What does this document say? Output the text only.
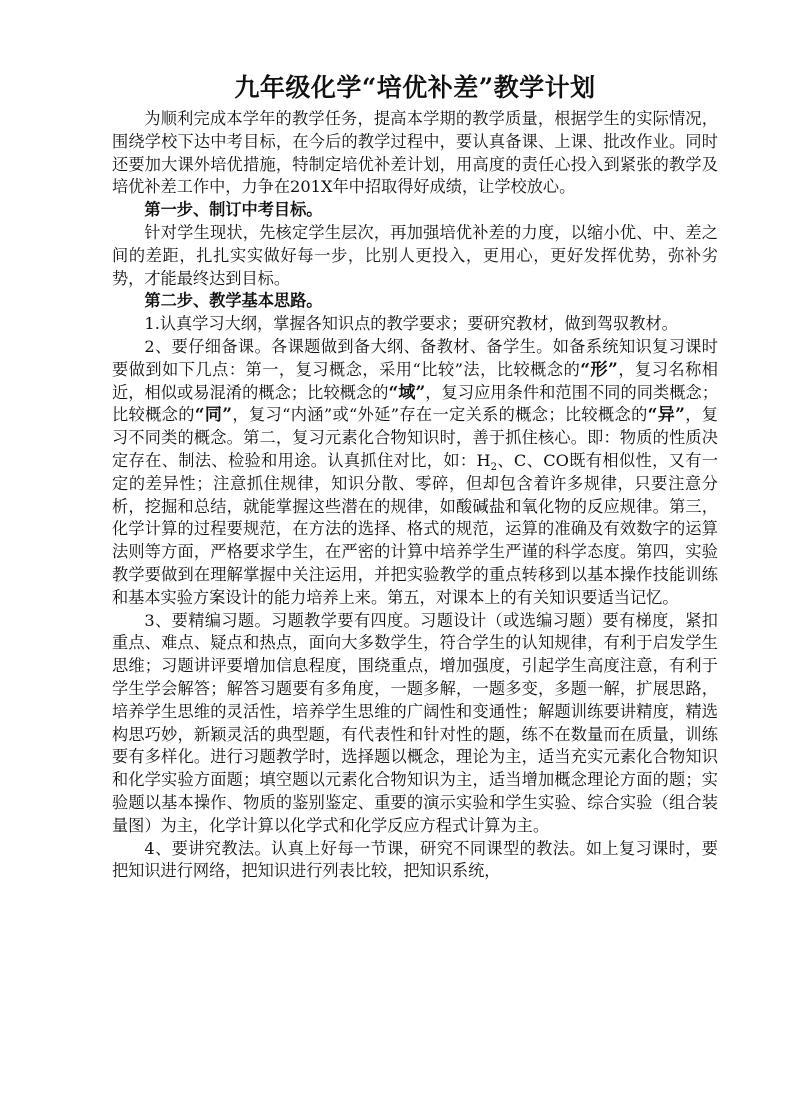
九年级化学“培优补差”教学计划

为顺利完成本学年的教学任务，提高本学期的教学质量，根据学生的实际情况，围绕学校下达中考目标，在今后的教学过程中，要认真备课、上课、批改作业。同时还要加大课外培优措施，特制定培优补差计划，用高度的责任心投入到紧张的教学及培优补差工作中，力争在201X年中招取得好成绩，让学校放心。

第一步、制订中考目标。

针对学生现状，先核定学生层次，再加强培优补差的力度，以缩小优、中、差之间的差距，扎扎实实做好每一步，比别人更投入，更用心，更好发挥优势，弥补劣势，才能最终达到目标。

第二步、教学基本思路。

1.认真学习大纲，掌握各知识点的教学要求；要研究教材，做到驾驭教材。

2、要仔细备课。各课题做到备大纲、备教材、备学生。如备系统知识复习课时要做到如下几点：第一，复习概念，采用“比较”法，比较概念的“形”，复习名称相近，相似或易混淆的概念；比较概念的“域”，复习应用条件和范围不同的同类概念；比较概念的“同”，复习“内涵”或“外延”存在一定关系的概念；比较概念的“异”，复习不同类的概念。第二，复习元素化合物知识时，善于抓住核心。即：物质的性质决定存在、制法、检验和用途。认真抓住对比，如：$H_2$、C、CO既有相似性，又有一定的差异性；注意抓住规律，知识分散、零碎，但却包含着许多规律，只要注意分析，挖掘和总结，就能掌握这些潜在的规律，如酸碱盐和氧化物的反应规律。第三，化学计算的过程要规范，在方法的选择、格式的规范，运算的准确及有效数字的运算法则等方面，严格要求学生，在严密的计算中培养学生严谨的科学态度。第四，实验教学要做到在理解掌握中关注运用，并把实验教学的重点转移到以基本操作技能训练和基本实验方案设计的能力培养上来。第五，对课本上的有关知识要适当记忆。

3、要精编习题。习题教学要有四度。习题设计（或选编习题）要有梯度，紧扣重点、难点、疑点和热点，面向大多数学生，符合学生的认知规律，有利于启发学生思维；习题讲评要增加信息程度，围绕重点，增加强度，引起学生高度注意，有利于学生学会解答；解答习题要有多角度，一题多解，一题多变，多题一解，扩展思路，培养学生思维的灵活性，培养学生思维的广阔性和变通性；解题训练要讲精度，精选构思巧妙，新颖灵活的典型题，有代表性和针对性的题，练不在数量而在质量，训练要有多样化。进行习题教学时，选择题以概念，理论为主，适当充实元素化合物知识和化学实验方面题；填空题以元素化合物知识为主，适当增加概念理论方面的题；实验题以基本操作、物质的鉴别鉴定、重要的演示实验和学生实验、综合实验（组合装量图）为主，化学计算以化学式和化学反应方程式计算为主。

4、要讲究教法。认真上好每一节课，研究不同课型的教法。如上复习课时，要把知识进行网络，把知识进行列表比较，把知识系统，
